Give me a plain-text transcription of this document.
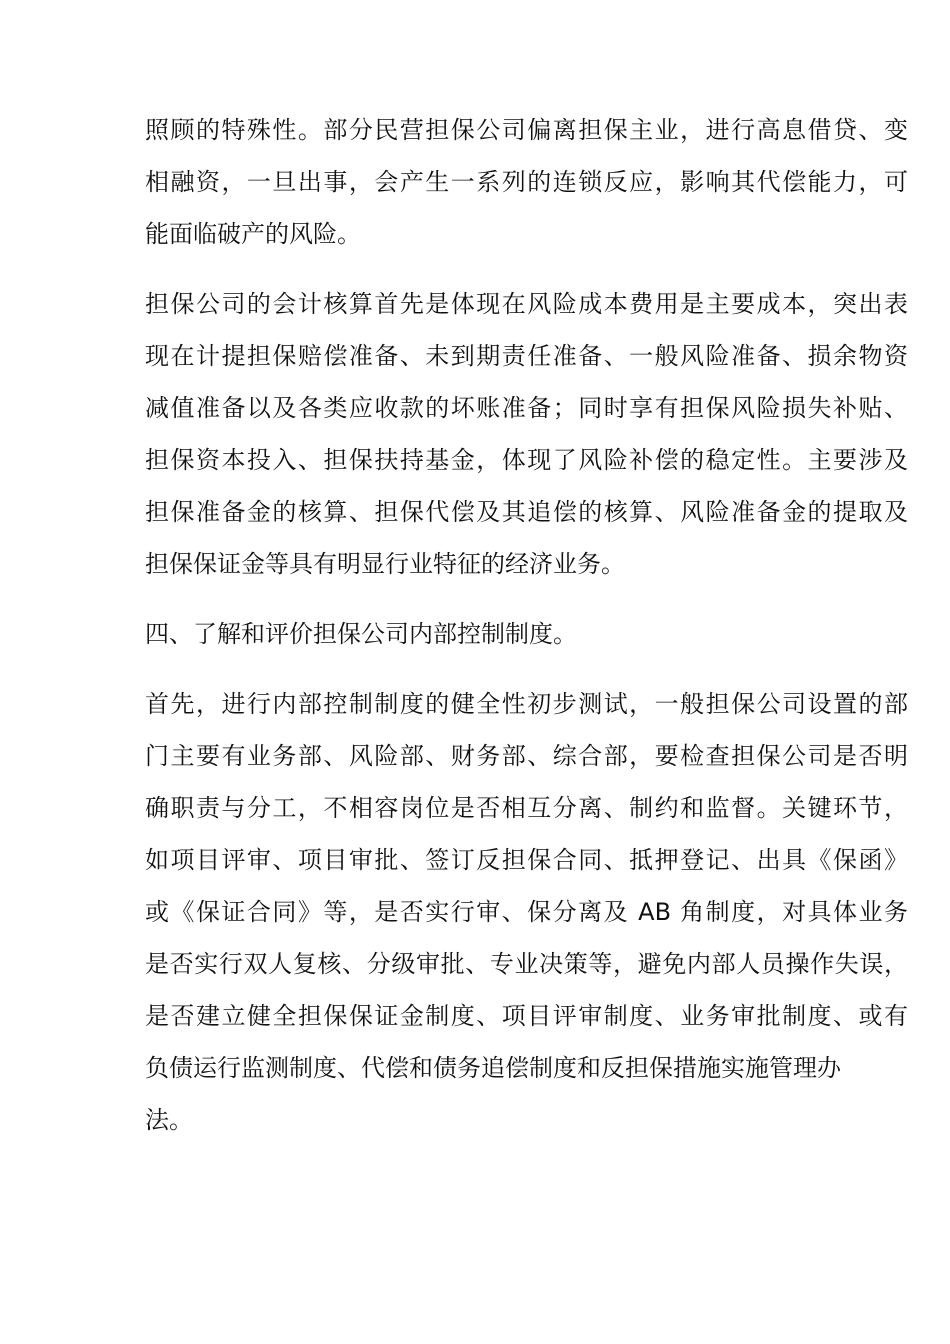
照顾的特殊性。部分民营担保公司偏离担保主业，进行高息借贷、变
相融资，一旦出事，会产生一系列的连锁反应，影响其代偿能力，可
能面临破产的风险。
担保公司的会计核算首先是体现在风险成本费用是主要成本，突出表
现在计提担保赔偿准备、未到期责任准备、一般风险准备、损余物资
减值准备以及各类应收款的坏账准备；同时享有担保风险损失补贴、
担保资本投入、担保扶持基金，体现了风险补偿的稳定性。主要涉及
担保准备金的核算、担保代偿及其追偿的核算、风险准备金的提取及
担保保证金等具有明显行业特征的经济业务。
四、了解和评价担保公司内部控制制度。
首先，进行内部控制制度的健全性初步测试，一般担保公司设置的部
门主要有业务部、风险部、财务部、综合部，要检查担保公司是否明
确职责与分工，不相容岗位是否相互分离、制约和监督。关键环节，
如项目评审、项目审批、签订反担保合同、抵押登记、出具《保函》
或《保证合同》等，是否实行审、保分离及 AB 角制度，对具体业务
是否实行双人复核、分级审批、专业决策等，避免内部人员操作失误，
是否建立健全担保保证金制度、项目评审制度、业务审批制度、或有
负债运行监测制度、代偿和债务追偿制度和反担保措施实施管理办
法。
